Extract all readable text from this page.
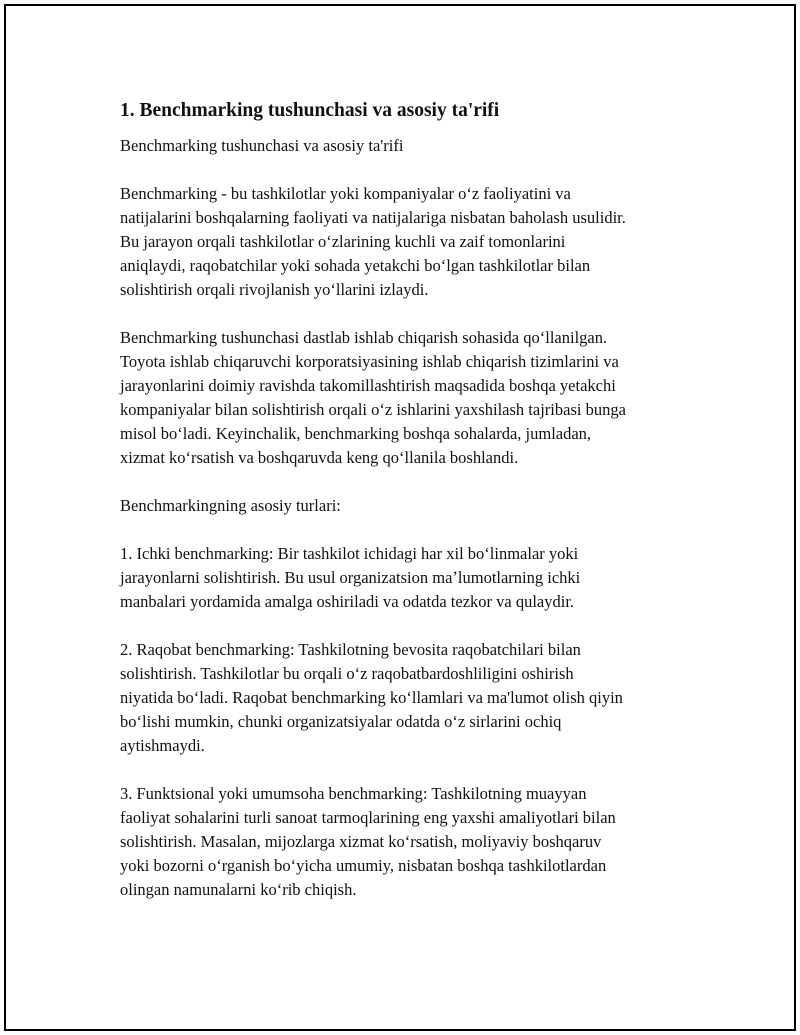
1. Benchmarking tushunchasi va asosiy ta'rifi
Benchmarking tushunchasi va asosiy ta'rifi
Benchmarking - bu tashkilotlar yoki kompaniyalar oʻz faoliyatini va
natijalarini boshqalarning faoliyati va natijalariga nisbatan baholash usulidir.
Bu jarayon orqali tashkilotlar oʻzlarining kuchli va zaif tomonlarini
aniqlaydi, raqobatchilar yoki sohada yetakchi boʻlgan tashkilotlar bilan
solishtirish orqali rivojlanish yoʻllarini izlaydi.
Benchmarking tushunchasi dastlab ishlab chiqarish sohasida qoʻllanilgan.
Toyota ishlab chiqaruvchi korporatsiyasining ishlab chiqarish tizimlarini va
jarayonlarini doimiy ravishda takomillashtirish maqsadida boshqa yetakchi
kompaniyalar bilan solishtirish orqali oʻz ishlarini yaxshilash tajribasi bunga
misol boʻladi. Keyinchalik, benchmarking boshqa sohalarda, jumladan,
xizmat koʻrsatish va boshqaruvda keng qoʻllanila boshlandi.
Benchmarkingning asosiy turlari:
1. Ichki benchmarking: Bir tashkilot ichidagi har xil boʻlinmalar yoki
jarayonlarni solishtirish. Bu usul organizatsion maʼlumotlarning ichki
manbalari yordamida amalga oshiriladi va odatda tezkor va qulaydir.
2. Raqobat benchmarking: Tashkilotning bevosita raqobatchilari bilan
solishtirish. Tashkilotlar bu orqali oʻz raqobatbardoshliligini oshirish
niyatida boʻladi. Raqobat benchmarking koʻllamlari va ma'lumot olish qiyin
boʻlishi mumkin, chunki organizatsiyalar odatda oʻz sirlarini ochiq
aytishmaydi.
3. Funktsional yoki umumsoha benchmarking: Tashkilotning muayyan
faoliyat sohalarini turli sanoat tarmoqlarining eng yaxshi amaliyotlari bilan
solishtirish. Masalan, mijozlarga xizmat koʻrsatish, moliyaviy boshqaruv
yoki bozorni oʻrganish boʻyicha umumiy, nisbatan boshqa tashkilotlardan
olingan namunalarni koʻrib chiqish.
